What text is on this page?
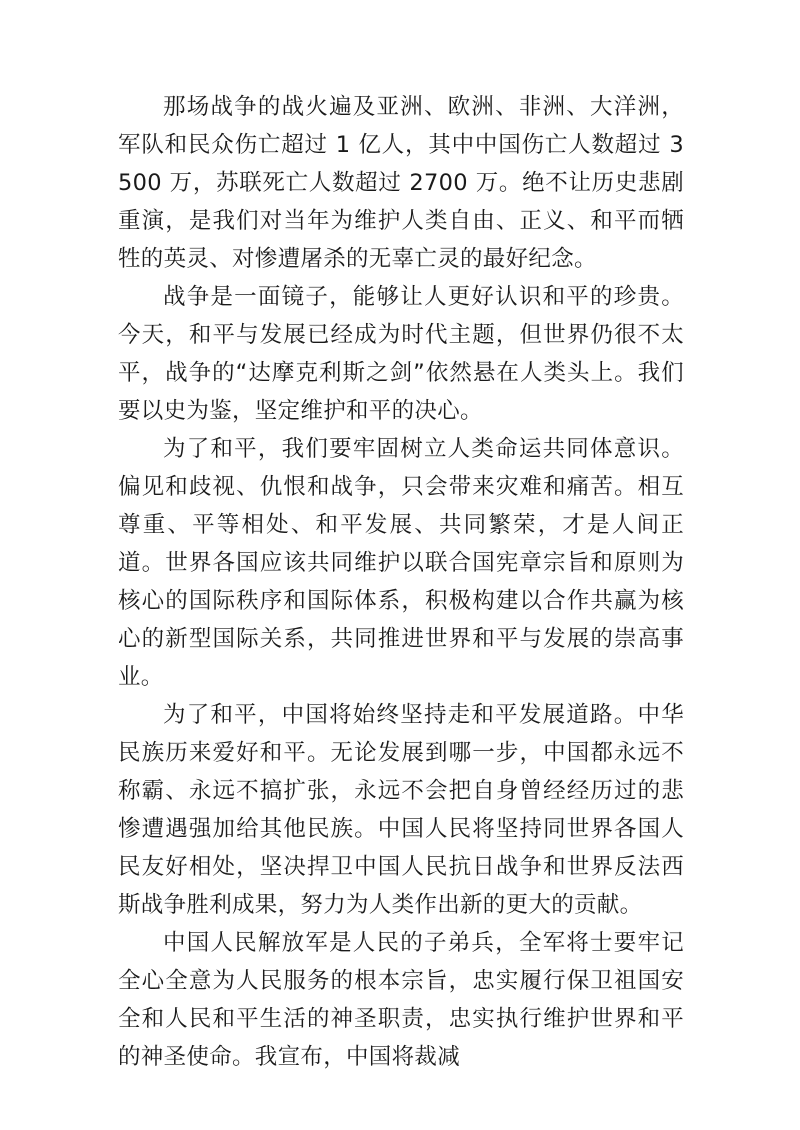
那场战争的战火遍及亚洲、欧洲、非洲、大洋洲，军队和民众伤亡超过 1 亿人，其中中国伤亡人数超过 3500 万，苏联死亡人数超过 2700 万。绝不让历史悲剧重演，是我们对当年为维护人类自由、正义、和平而牺牲的英灵、对惨遭屠杀的无辜亡灵的最好纪念。

战争是一面镜子，能够让人更好认识和平的珍贵。今天，和平与发展已经成为时代主题，但世界仍很不太平，战争的“达摩克利斯之剑”依然悬在人类头上。我们要以史为鉴，坚定维护和平的决心。

为了和平，我们要牢固树立人类命运共同体意识。偏见和歧视、仇恨和战争，只会带来灾难和痛苦。相互尊重、平等相处、和平发展、共同繁荣，才是人间正道。世界各国应该共同维护以联合国宪章宗旨和原则为核心的国际秩序和国际体系，积极构建以合作共赢为核心的新型国际关系，共同推进世界和平与发展的崇高事业。

为了和平，中国将始终坚持走和平发展道路。中华民族历来爱好和平。无论发展到哪一步，中国都永远不称霸、永远不搞扩张，永远不会把自身曾经经历过的悲惨遭遇强加给其他民族。中国人民将坚持同世界各国人民友好相处，坚决捍卫中国人民抗日战争和世界反法西斯战争胜利成果，努力为人类作出新的更大的贡献。

中国人民解放军是人民的子弟兵，全军将士要牢记全心全意为人民服务的根本宗旨，忠实履行保卫祖国安全和人民和平生活的神圣职责，忠实执行维护世界和平的神圣使命。我宣布，中国将裁减
